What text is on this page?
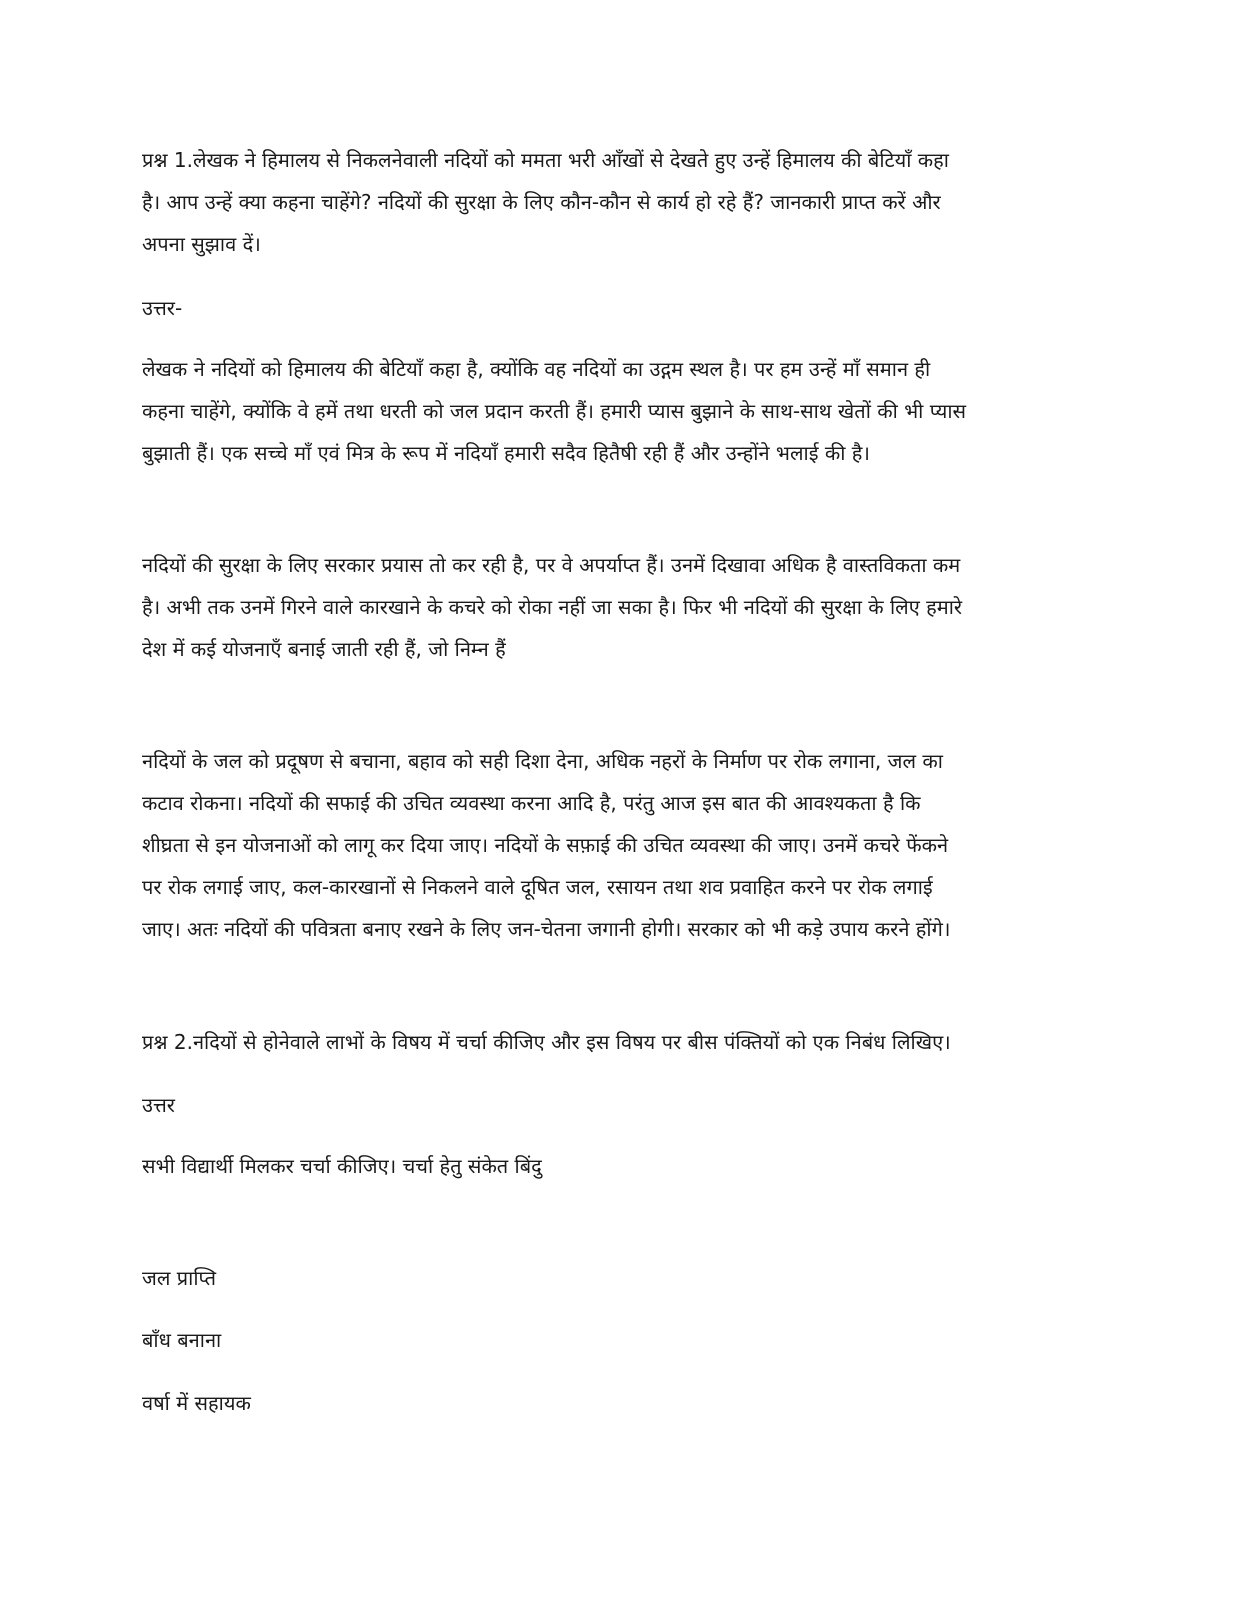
प्रश्न 1.लेखक ने हिमालय से निकलनेवाली नदियों को ममता भरी आँखों से देखते हुए उन्हें हिमालय की बेटियाँ कहा
है। आप उन्हें क्या कहना चाहेंगे? नदियों की सुरक्षा के लिए कौन-कौन से कार्य हो रहे हैं? जानकारी प्राप्त करें और
अपना सुझाव दें।

उत्तर-

लेखक ने नदियों को हिमालय की बेटियाँ कहा है, क्योंकि वह नदियों का उद्गम स्थल है। पर हम उन्हें माँ समान ही
कहना चाहेंगे, क्योंकि वे हमें तथा धरती को जल प्रदान करती हैं। हमारी प्यास बुझाने के साथ-साथ खेतों की भी प्यास
बुझाती हैं। एक सच्चे माँ एवं मित्र के रूप में नदियाँ हमारी सदैव हितैषी रही हैं और उन्होंने भलाई की है।

नदियों की सुरक्षा के लिए सरकार प्रयास तो कर रही है, पर वे अपर्याप्त हैं। उनमें दिखावा अधिक है वास्तविकता कम
है। अभी तक उनमें गिरने वाले कारखाने के कचरे को रोका नहीं जा सका है। फिर भी नदियों की सुरक्षा के लिए हमारे
देश में कई योजनाएँ बनाई जाती रही हैं, जो निम्न हैं

नदियों के जल को प्रदूषण से बचाना, बहाव को सही दिशा देना, अधिक नहरों के निर्माण पर रोक लगाना, जल का
कटाव रोकना। नदियों की सफाई की उचित व्यवस्था करना आदि है, परंतु आज इस बात की आवश्यकता है कि
शीघ्रता से इन योजनाओं को लागू कर दिया जाए। नदियों के सफ़ाई की उचित व्यवस्था की जाए। उनमें कचरे फेंकने
पर रोक लगाई जाए, कल-कारखानों से निकलने वाले दूषित जल, रसायन तथा शव प्रवाहित करने पर रोक लगाई
जाए। अतः नदियों की पवित्रता बनाए रखने के लिए जन-चेतना जगानी होगी। सरकार को भी कड़े उपाय करने होंगे।

प्रश्न 2.नदियों से होनेवाले लाभों के विषय में चर्चा कीजिए और इस विषय पर बीस पंक्तियों को एक निबंध लिखिए।

उत्तर

सभी विद्यार्थी मिलकर चर्चा कीजिए। चर्चा हेतु संकेत बिंदु

जल प्राप्ति

बाँध बनाना

वर्षा में सहायक
